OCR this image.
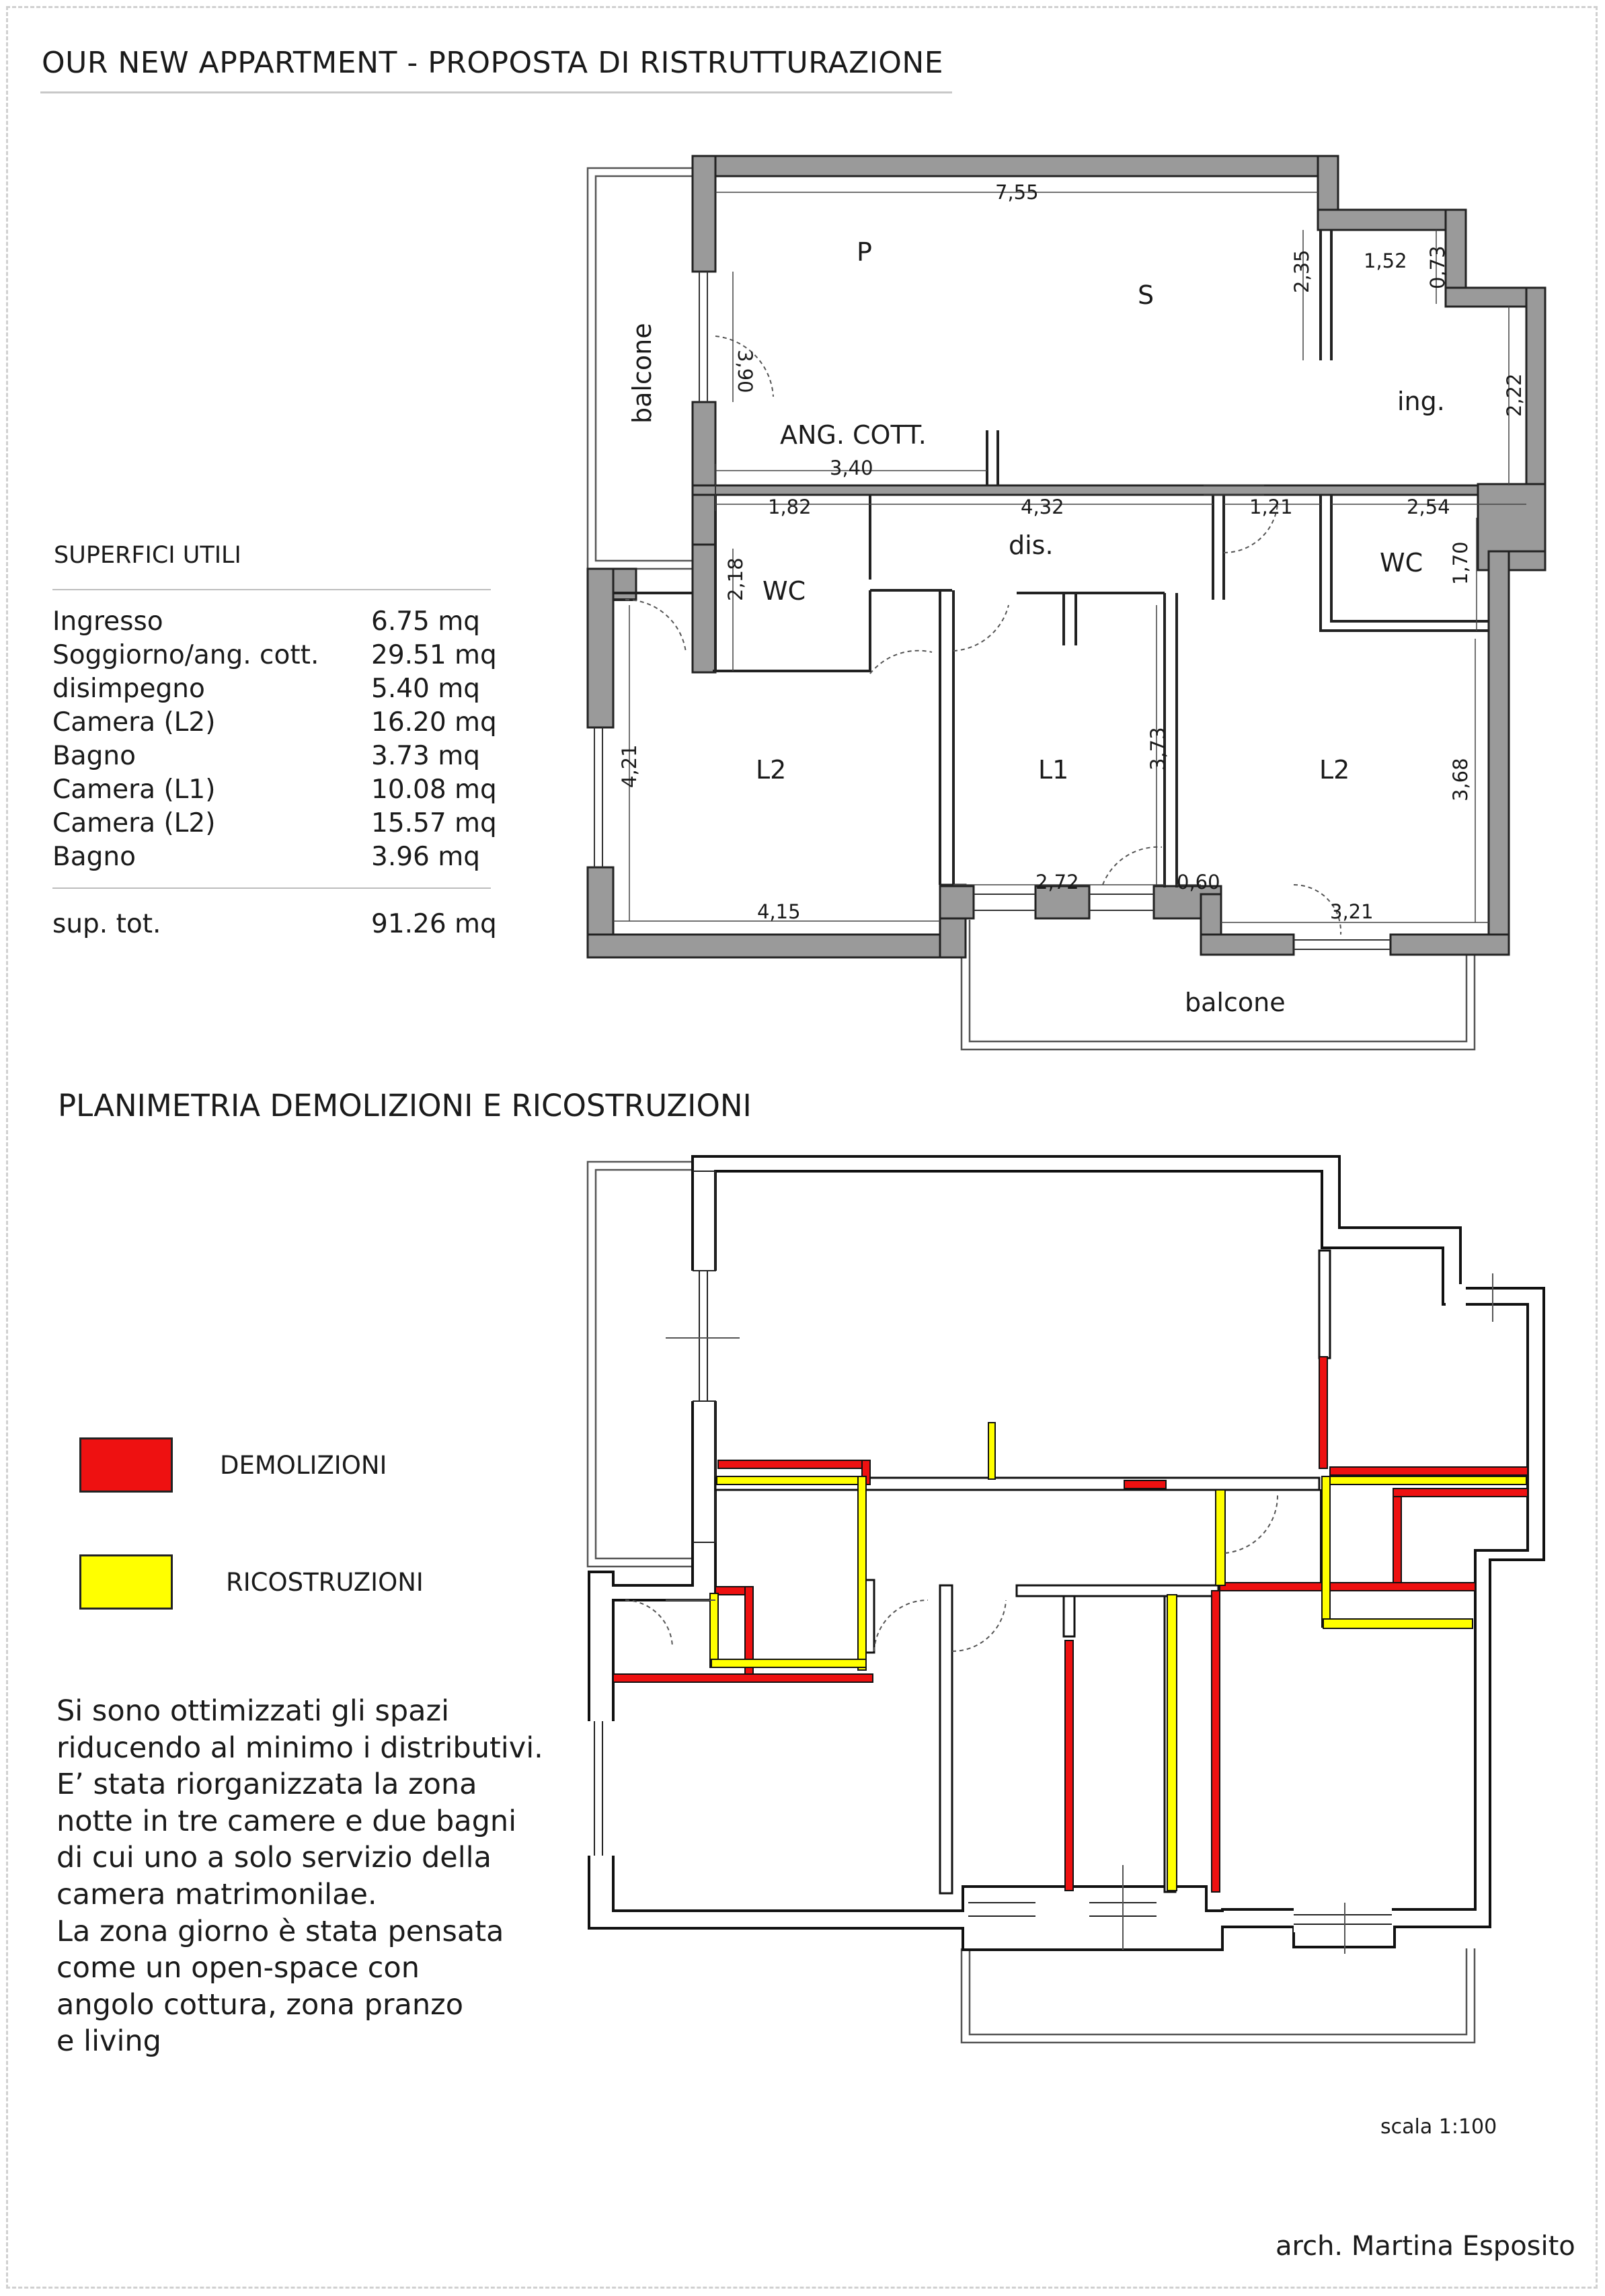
OUR NEW APPARTMENT - PROPOSTA DI RISTRUTTURAZIONE
SUPERFICI UTILI
Ingresso	6.75 mq
Soggiorno/ang. cott. 29.51 mq
disimpegno	5.40 mq
Camera (L2)	16.20 mq
Bagno	3.73 mq
Camera (L1)	10.08 mq
Camera (L2)	15.57 mq
Bagno	3.96 mq
sup. tot.	91.26 mq
PLANIMETRIA DEMOLIZIONI E RICOSTRUZIONI
DEMOLIZIONI
RICOSTRUZIONI
Si sono ottimizzati gli spazi
riducendo al minimo i distributivi.
E’ stata riorganizzata la zona
notte in tre camere e due bagni
di cui uno a solo servizio della
camera matrimonilae.
La zona giorno è stata pensata
come un open-space con
angolo cottura, zona pranzo
e living
scala 1:100
arch. Martina Esposito
P
S
ing.
ANG. COTT.
dis.
WC
WC
L2	L1	L2
balcone
balcone
7,55
2,35	1,52 0,73
3,90
2,22
3,40
1,82	4,32	1,21	2,54
2,18	1,70
3,73
4,21	3,68
2,72	0,60
4,15	3,21
